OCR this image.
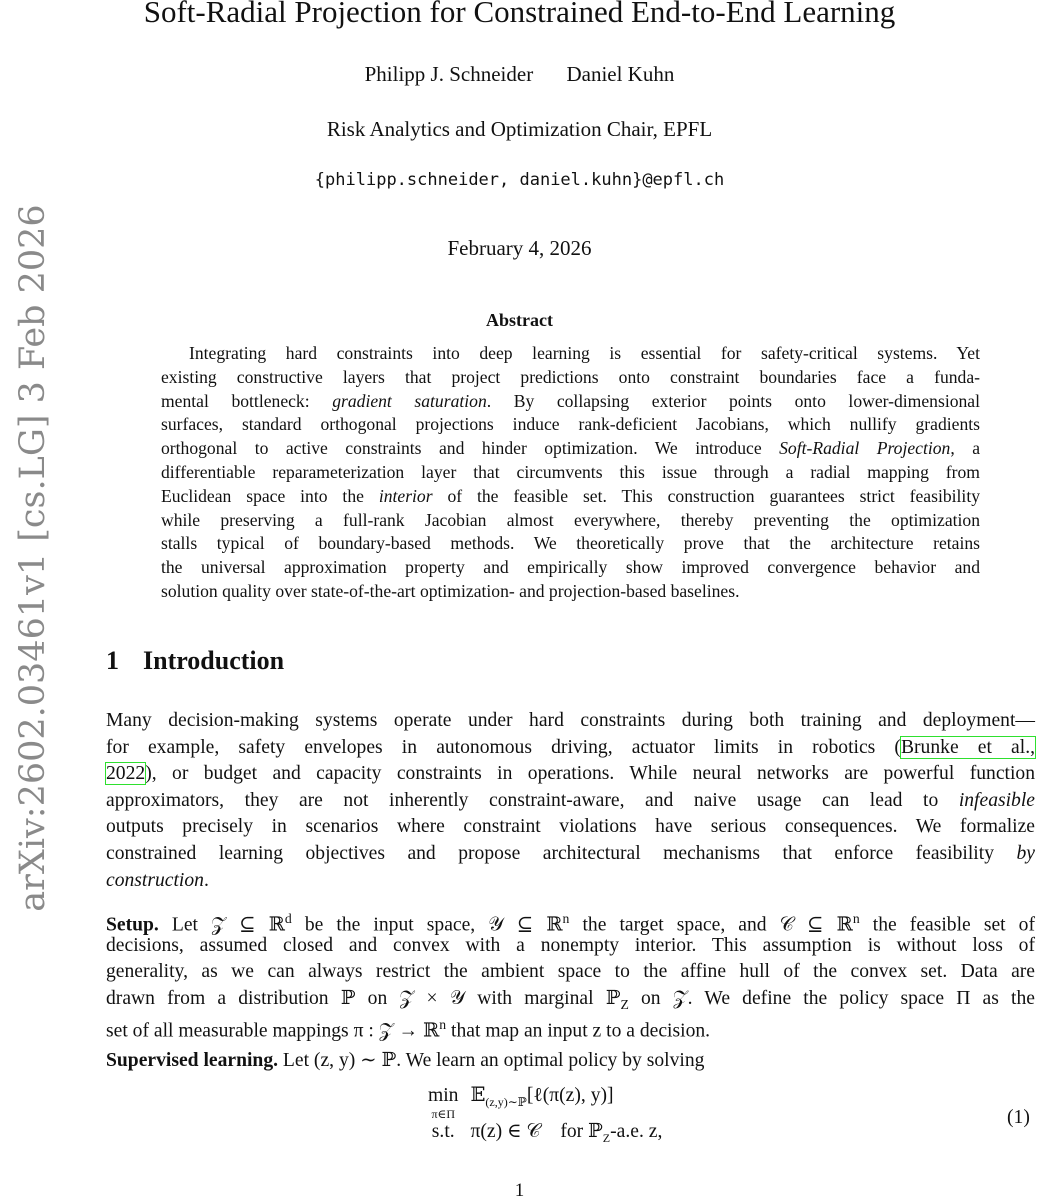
arXiv:2602.03461v1 [cs.LG] 3 Feb 2026
Soft-Radial Projection for Constrained End-to-End Learning
Philipp J. Schneider Daniel Kuhn
Risk Analytics and Optimization Chair, EPFL
{philipp.schneider, daniel.kuhn}@epfl.ch
February 4, 2026
Abstract
Integrating hard constraints into deep learning is essential for safety-critical systems. Yet
existing constructive layers that project predictions onto constraint boundaries face a funda-
mental bottleneck: gradient saturation. By collapsing exterior points onto lower-dimensional
surfaces, standard orthogonal projections induce rank-deficient Jacobians, which nullify gradients
orthogonal to active constraints and hinder optimization. We introduce Soft-Radial Projection, a
differentiable reparameterization layer that circumvents this issue through a radial mapping from
Euclidean space into the interior of the feasible set. This construction guarantees strict feasibility
while preserving a full-rank Jacobian almost everywhere, thereby preventing the optimization
stalls typical of boundary-based methods. We theoretically prove that the architecture retains
the universal approximation property and empirically show improved convergence behavior and
solution quality over state-of-the-art optimization- and projection-based baselines.
1 Introduction
Many decision-making systems operate under hard constraints during both training and deployment—
for example, safety envelopes in autonomous driving, actuator limits in robotics (Brunke et al.,
2022), or budget and capacity constraints in operations. While neural networks are powerful function
approximators, they are not inherently constraint-aware, and naive usage can lead to infeasible
outputs precisely in scenarios where constraint violations have serious consequences. We formalize
constrained learning objectives and propose architectural mechanisms that enforce feasibility by
construction.
Setup. Let 𝒵 ⊆ ℝ$^d$ be the input space, 𝒴 ⊆ ℝ$^n$ the target space, and 𝒞 ⊆ ℝ$^n$ the feasible set of
decisions, assumed closed and convex with a nonempty interior. This assumption is without loss of
generality, as we can always restrict the ambient space to the affine hull of the convex set. Data are
drawn from a distribution ℙ on 𝒵 × 𝒴 with marginal ℙ$_Z$ on 𝒵. We define the policy space Π as the
set of all measurable mappings π : 𝒵 → ℝ$^n$ that map an input z to a decision.
Supervised learning. Let (z, y) ∼ ℙ. We learn an optimal policy by solving
min
π∈Π	𝔼$_{(z,y)\sim ℙ}$[ℓ(π(z), y)]
s.t.	π(z) ∈ 𝒞 for ℙ$_Z$-a.e. z,
(1)
1
